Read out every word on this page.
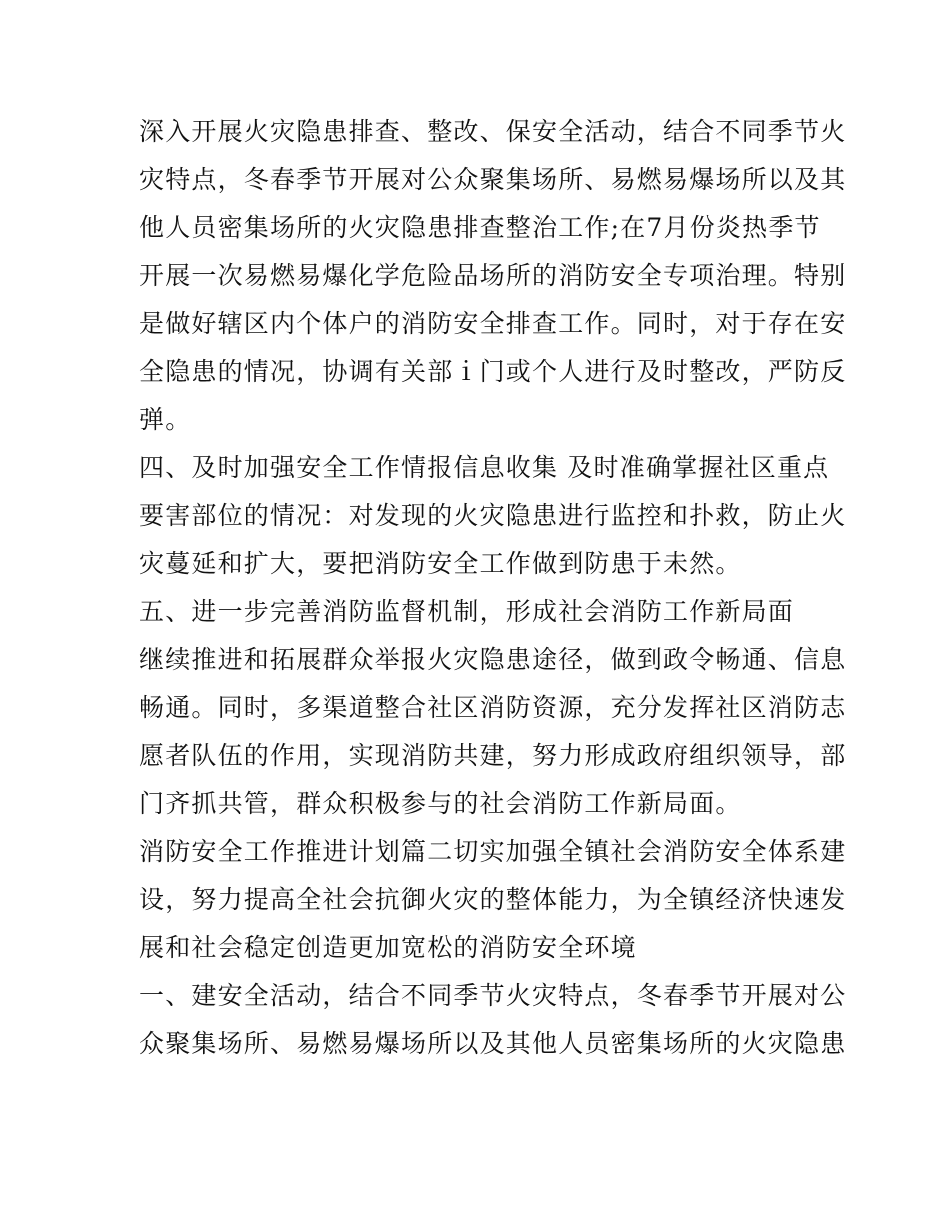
深入开展火灾隐患排查、整改、保安全活动，结合不同季节火
灾特点，冬春季节开展对公众聚集场所、易燃易爆场所以及其
他人员密集场所的火灾隐患排查整治工作;在7月份炎热季节
开展一次易燃易爆化学危险品场所的消防安全专项治理。特别
是做好辖区内个体户的消防安全排查工作。同时，对于存在安
全隐患的情况，协调有关部ｉ门或个人进行及时整改，严防反
弹。
四、及时加强安全工作情报信息收集 及时准确掌握社区重点
要害部位的情况：对发现的火灾隐患进行监控和扑救，防止火
灾蔓延和扩大，要把消防安全工作做到防患于未然。
五、进一步完善消防监督机制，形成社会消防工作新局面
继续推进和拓展群众举报火灾隐患途径，做到政令畅通、信息
畅通。同时，多渠道整合社区消防资源，充分发挥社区消防志
愿者队伍的作用，实现消防共建，努力形成政府组织领导，部
门齐抓共管，群众积极参与的社会消防工作新局面。
消防安全工作推进计划篇二切实加强全镇社会消防安全体系建
设，努力提高全社会抗御火灾的整体能力，为全镇经济快速发
展和社会稳定创造更加宽松的消防安全环境
一、建安全活动，结合不同季节火灾特点，冬春季节开展对公
众聚集场所、易燃易爆场所以及其他人员密集场所的火灾隐患
